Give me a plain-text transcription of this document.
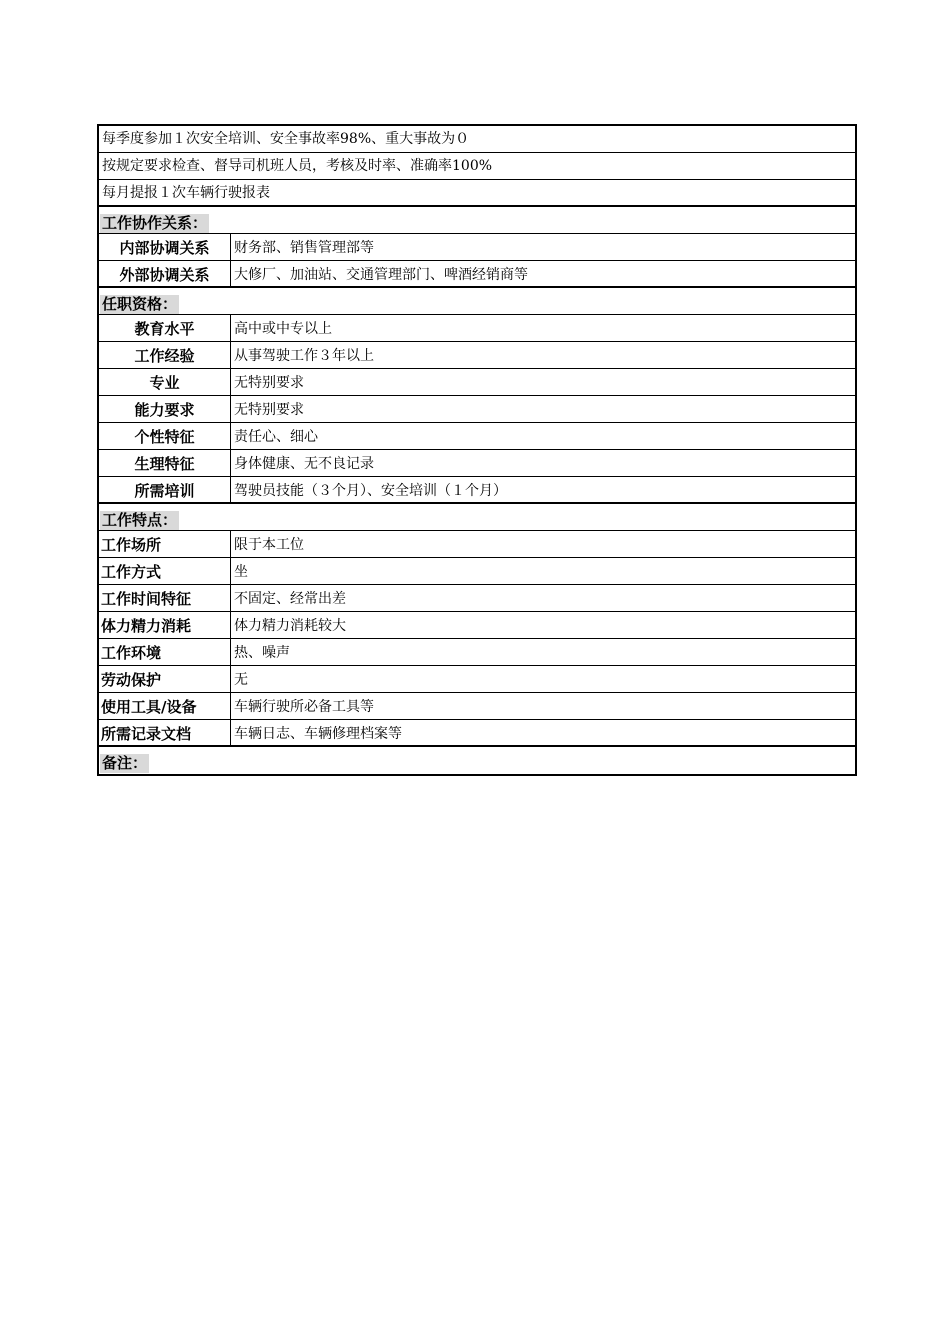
每季度参加１次安全培训、安全事故率98%、重大事故为０
按规定要求检查、督导司机班人员，考核及时率、准确率100%
每月提报１次车辆行驶报表
工作协作关系：
内部协调关系	财务部、销售管理部等
外部协调关系	大修厂、加油站、交通管理部门、啤酒经销商等
任职资格：
教育水平	高中或中专以上
工作经验	从事驾驶工作３年以上
专业	无特别要求
能力要求	无特别要求
个性特征	责任心、细心
生理特征	身体健康、无不良记录
所需培训	驾驶员技能（３个月）、安全培训（１个月）
工作特点：
工作场所	限于本工位
工作方式	坐
工作时间特征	不固定、经常出差
体力精力消耗	体力精力消耗较大
工作环境	热、噪声
劳动保护	无
使用工具/设备	车辆行驶所必备工具等
所需记录文档	车辆日志、车辆修理档案等
备注：
